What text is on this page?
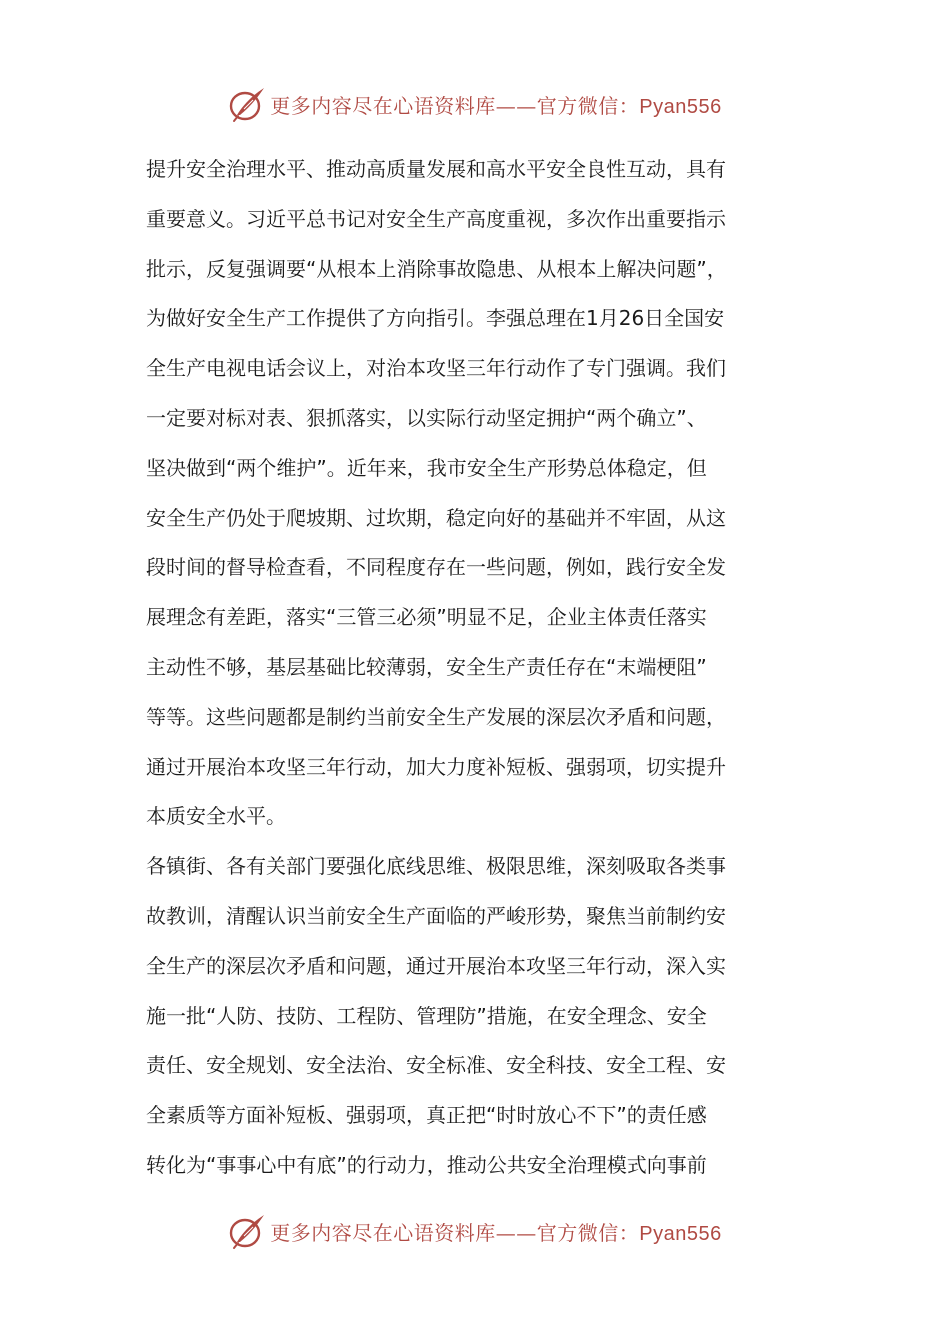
更多内容尽在心语资料库——官方微信：Pyan556
提升安全治理水平、推动高质量发展和高水平安全良性互动，具有
重要意义。习近平总书记对安全生产高度重视，多次作出重要指示
批示，反复强调要“从根本上消除事故隐患、从根本上解决问题”，
为做好安全生产工作提供了方向指引。李强总理在1月26日全国安
全生产电视电话会议上，对治本攻坚三年行动作了专门强调。我们
一定要对标对表、狠抓落实，以实际行动坚定拥护“两个确立”、
坚决做到“两个维护”。近年来，我市安全生产形势总体稳定，但
安全生产仍处于爬坡期、过坎期，稳定向好的基础并不牢固，从这
段时间的督导检查看，不同程度存在一些问题，例如，践行安全发
展理念有差距，落实“三管三必须”明显不足，企业主体责任落实
主动性不够，基层基础比较薄弱，安全生产责任存在“末端梗阻”
等等。这些问题都是制约当前安全生产发展的深层次矛盾和问题，
通过开展治本攻坚三年行动，加大力度补短板、强弱项，切实提升
本质安全水平。
各镇街、各有关部门要强化底线思维、极限思维，深刻吸取各类事
故教训，清醒认识当前安全生产面临的严峻形势，聚焦当前制约安
全生产的深层次矛盾和问题，通过开展治本攻坚三年行动，深入实
施一批“人防、技防、工程防、管理防”措施，在安全理念、安全
责任、安全规划、安全法治、安全标准、安全科技、安全工程、安
全素质等方面补短板、强弱项，真正把“时时放心不下”的责任感
转化为“事事心中有底”的行动力，推动公共安全治理模式向事前
更多内容尽在心语资料库——官方微信：Pyan556
